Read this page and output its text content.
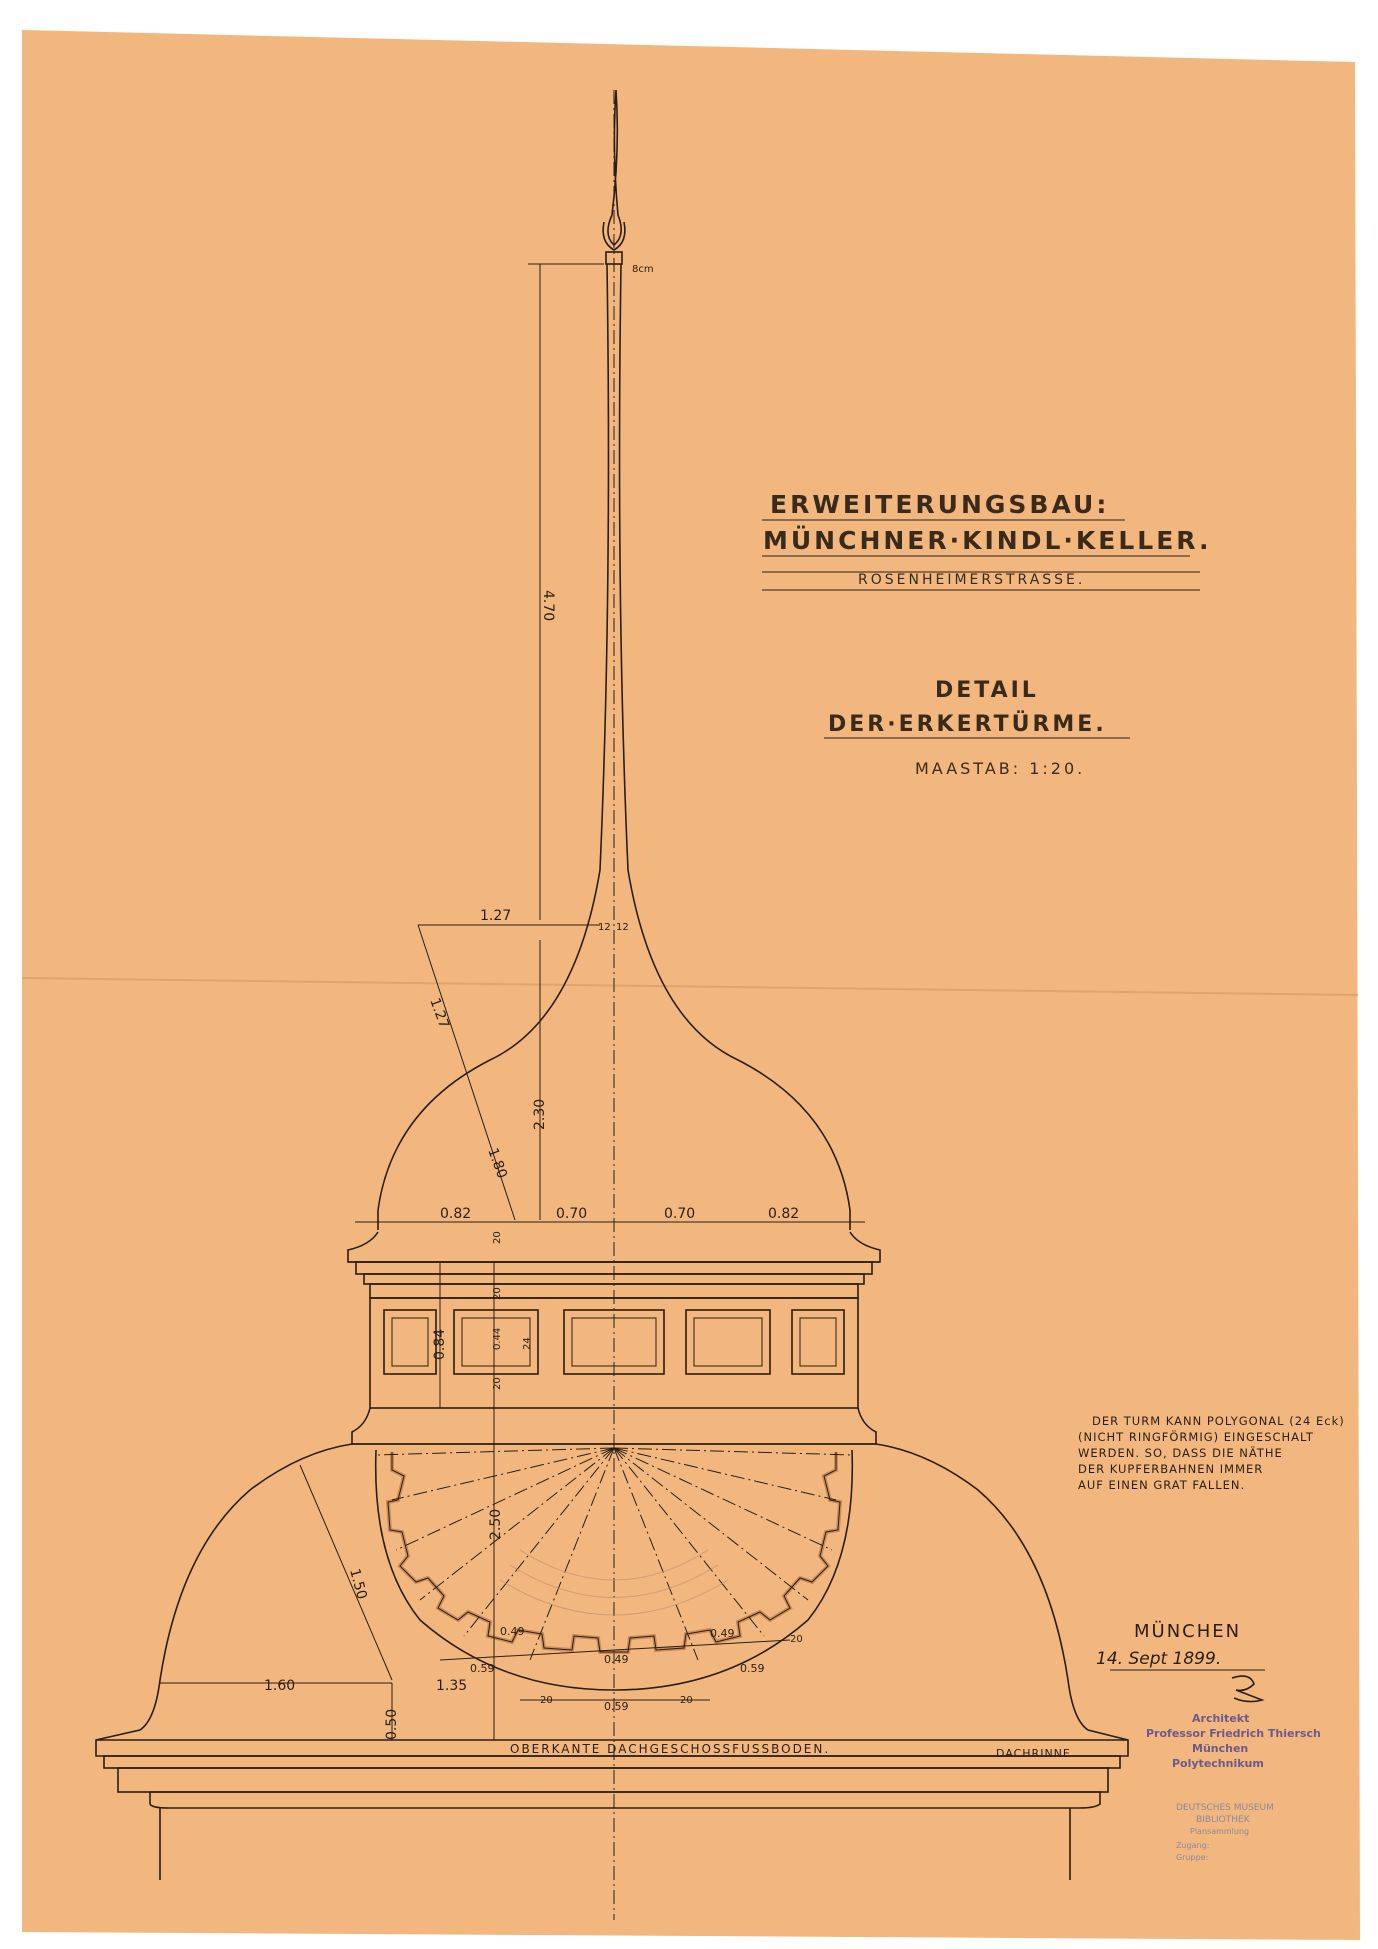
8cm
4.70
1.27
12 12
1.27
2.30
1.80
0.82	0.70	0.70	0.82
0.84
20
20
0.44 24
20
2.50
1.50
1.60	1.35
0.50
0.49
0.49
0.49
0.59
0.59
0.59
20	20
20
OBERKANTE DACHGESCHOSSFUSSBODEN.	DACHRINNE
ERWEITERUNGSBAU:
MÜNCHNER·KINDL·KELLER.
ROSENHEIMERSTRASSE.
DETAIL
DER·ERKERTÜRME.
MAASTAB: 1:20.
DER TURM KANN POLYGONAL (24 Eck)
(NICHT RINGFÖRMIG) EINGESCHALT
WERDEN. SO, DASS DIE NÄTHE
DER KUPFERBAHNEN IMMER
AUF EINEN GRAT FALLEN.
MÜNCHEN
14. Sept 1899.
Architekt
Professor Friedrich Thiersch
München
Polytechnikum
DEUTSCHES MUSEUM
BIBLIOTHEK
Plansammlung
Zugang:
Gruppe:
